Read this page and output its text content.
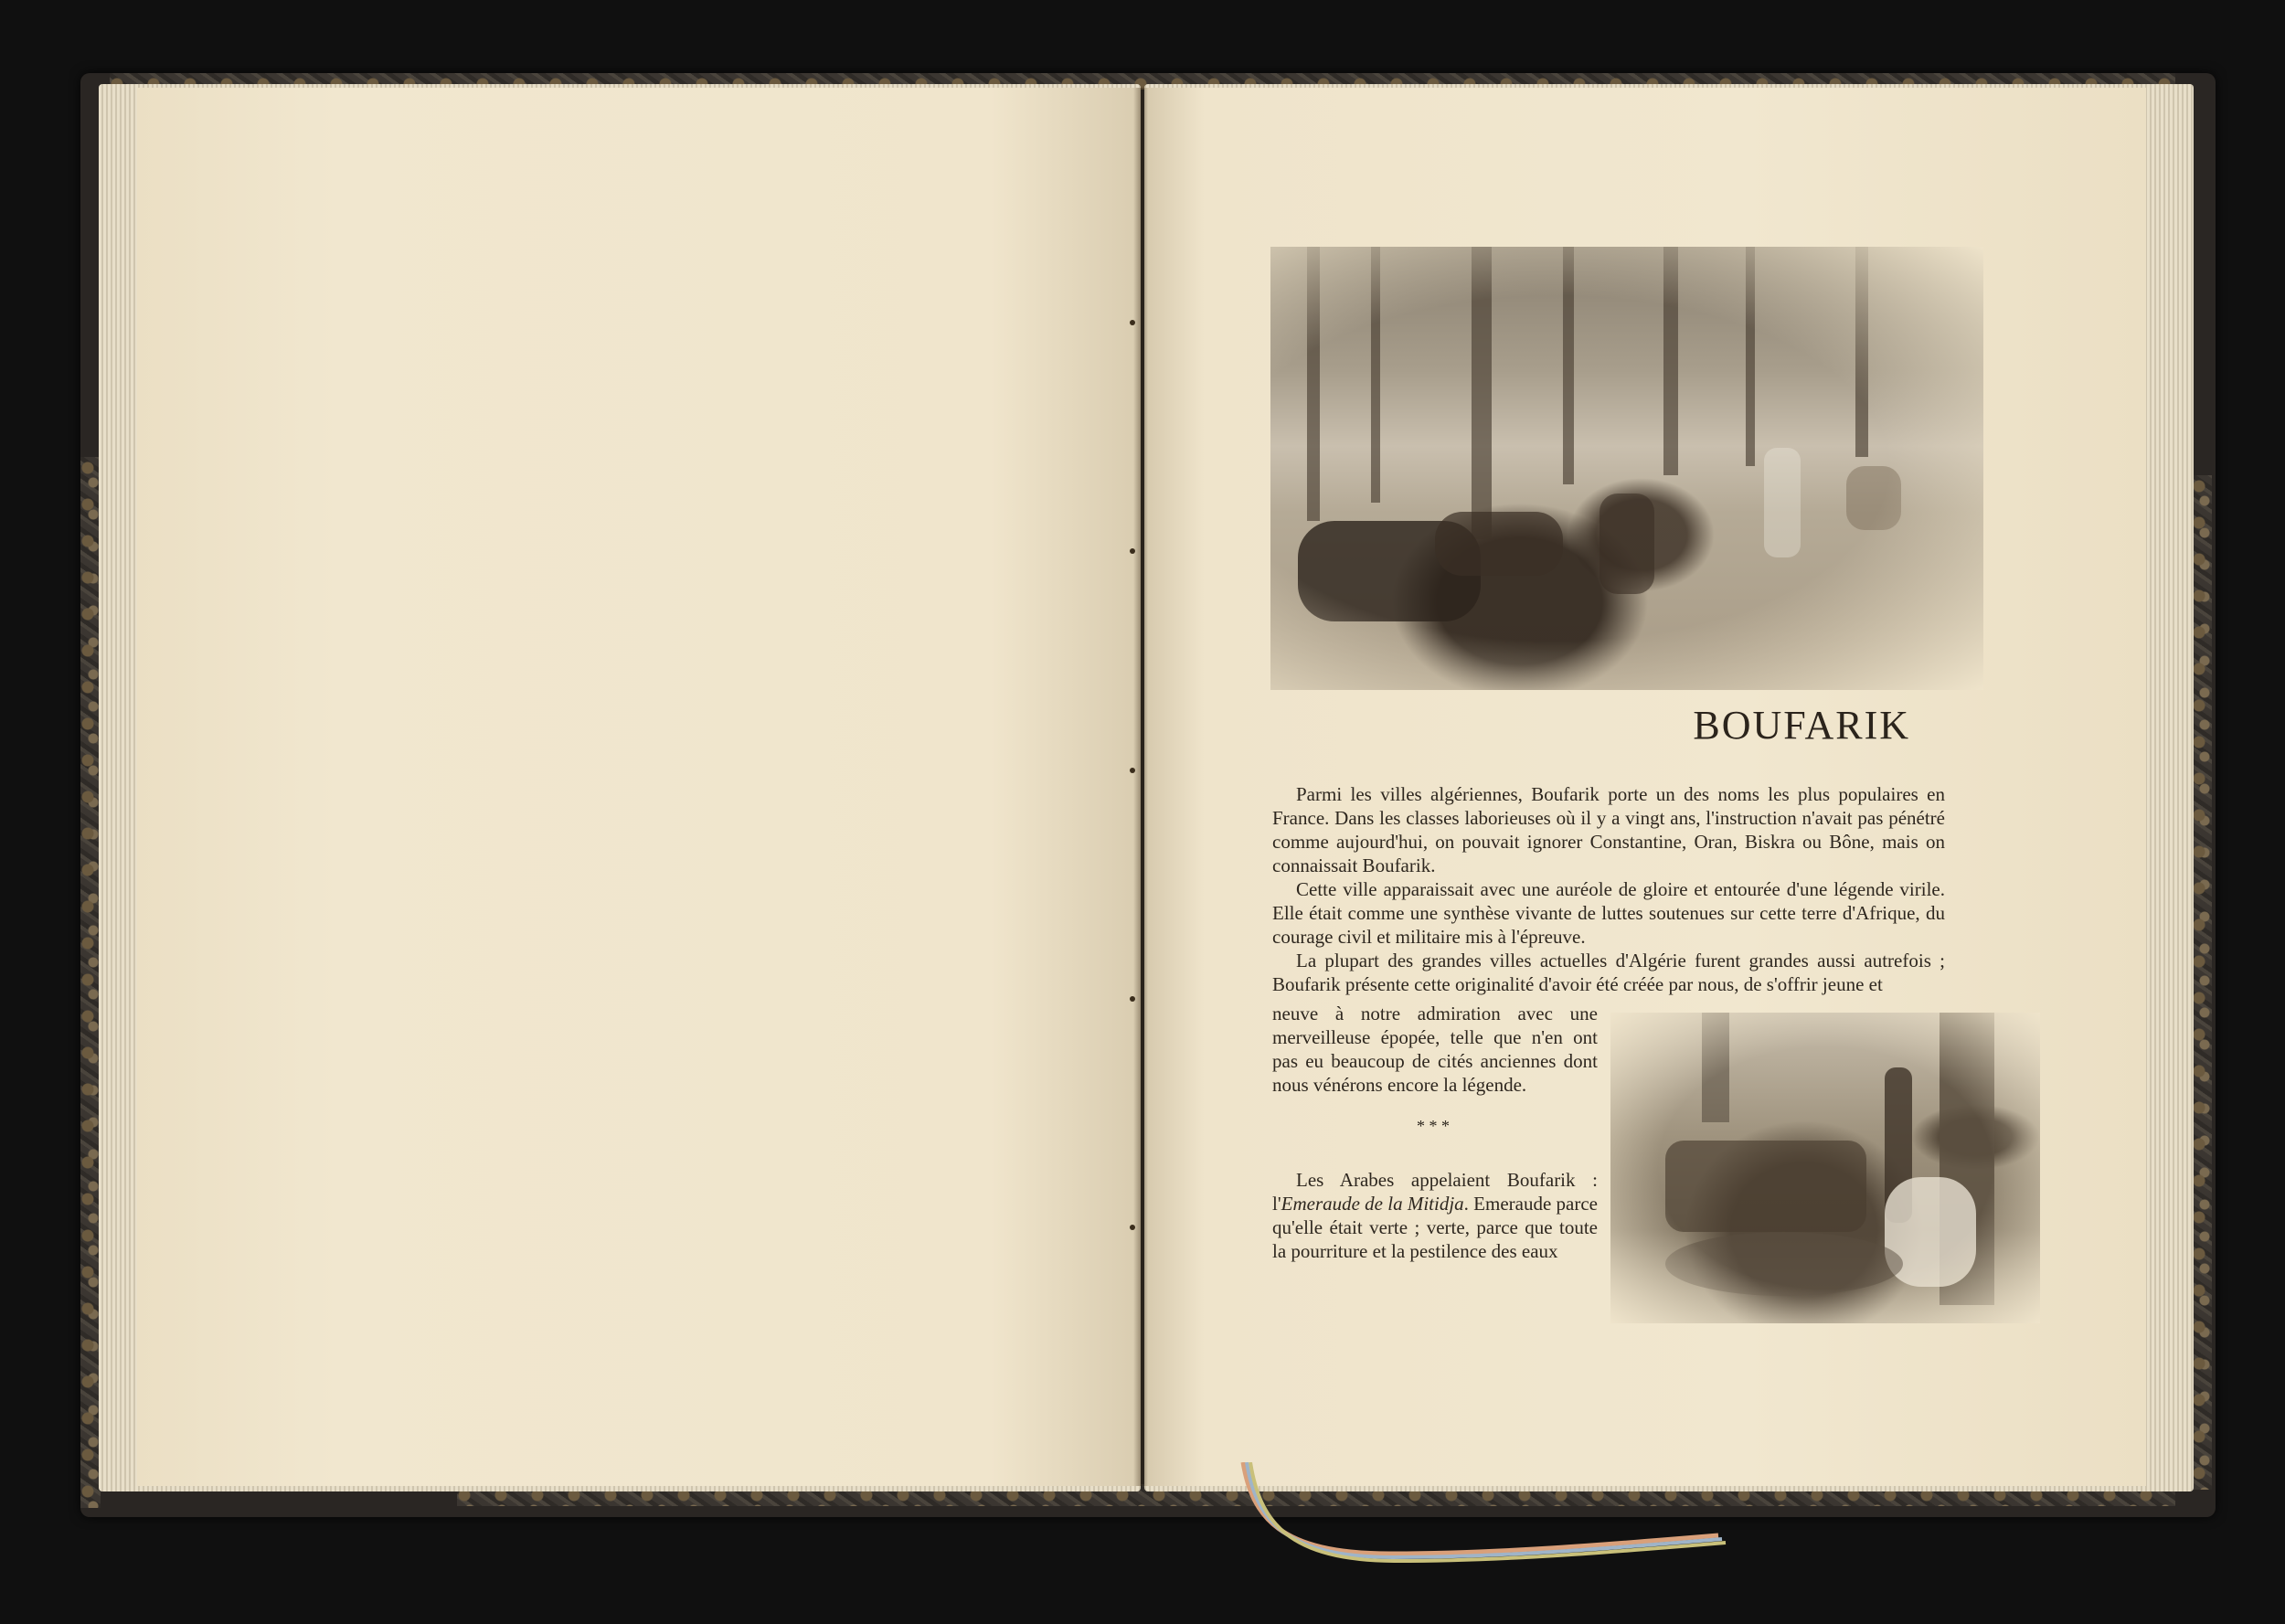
BOUFARIK

Parmi les villes algériennes, Boufarik porte un des noms les plus populaires en France. Dans les classes laborieuses où il y a vingt ans, l'instruction n'avait pas pénétré comme aujourd'hui, on pouvait ignorer Constantine, Oran, Biskra ou Bône, mais on connaissait Boufarik.

Cette ville apparaissait avec une auréole de gloire et entourée d'une légende virile. Elle était comme une synthèse vivante de luttes soutenues sur cette terre d'Afrique, du courage civil et militaire mis à l'épreuve.

La plupart des grandes villes actuelles d'Algérie furent grandes aussi autrefois ; Boufarik présente cette originalité d'avoir été créée par nous, de s'offrir jeune et

neuve à notre admiration avec une merveilleuse épopée, telle que n'en ont pas eu beaucoup de cités anciennes dont nous vénérons encore la légende.
* * *

Les Arabes appelaient Boufarik : l'Emeraude de la Mitidja. Emeraude parce qu'elle était verte ; verte, parce que toute la pourriture et la pestilence des eaux
